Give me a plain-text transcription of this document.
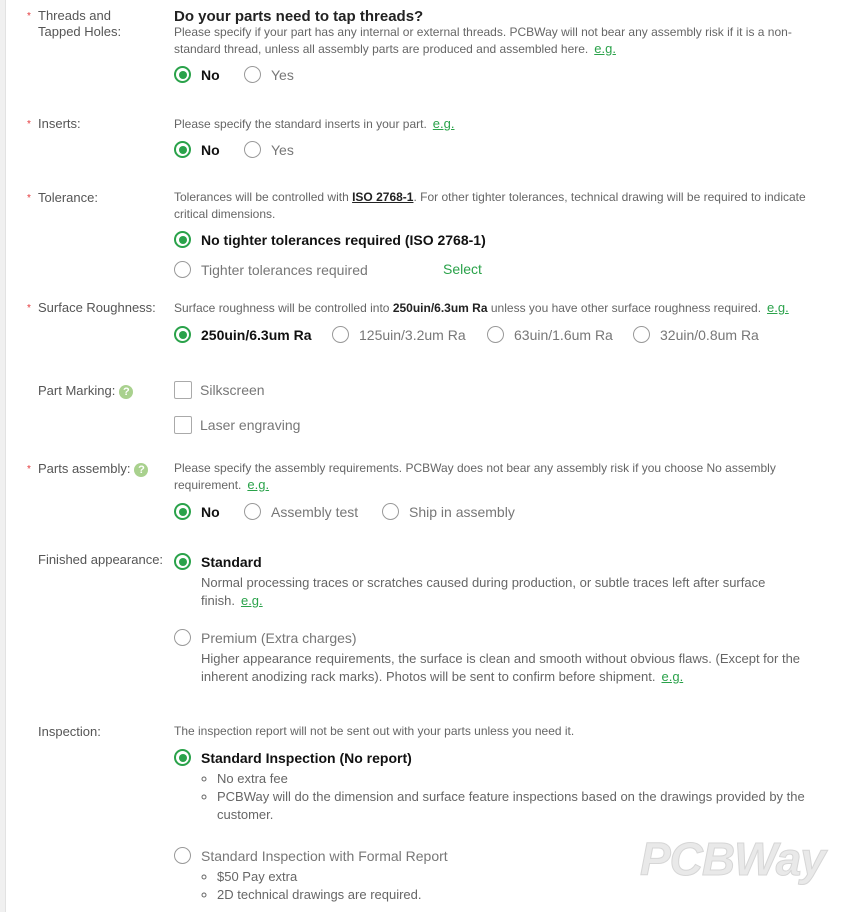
* Threads and Tapped Holes:
Do your parts need to tap threads?
Please specify if your part has any internal or external threads. PCBWay will not bear any assembly risk if it is a non-standard thread, unless all assembly parts are produced and assembled here. e.g.
No	Yes
* Inserts:	Please specify the standard inserts in your part. e.g.
No	Yes
* Tolerance:	Tolerances will be controlled with ISO 2768-1. For other tighter tolerances, technical drawing will be required to indicate critical dimensions.
No tighter tolerances required (ISO 2768-1)
Tighter tolerances required	Select
* Surface Roughness: Surface roughness will be controlled into 250uin/6.3um Ra unless you have other surface roughness required. e.g.
250uin/6.3um Ra	125uin/3.2um Ra	63uin/1.6um Ra	32uin/0.8um Ra
Part Marking: ?	Silkscreen
Laser engraving
* Parts assembly: ?	Please specify the assembly requirements. PCBWay does not bear any assembly risk if you choose No assembly requirement. e.g.
No	Assembly test	Ship in assembly
Finished appearance:	Standard
Normal processing traces or scratches caused during production, or subtle traces left after surface finish. e.g.
Premium (Extra charges)
Higher appearance requirements, the surface is clean and smooth without obvious flaws. (Except for the inherent anodizing rack marks). Photos will be sent to confirm before shipment. e.g.
Inspection:	The inspection report will not be sent out with your parts unless you need it.
Standard Inspection (No report)
◦ No extra fee
◦ PCBWay will do the dimension and surface feature inspections based on the drawings provided by the customer.
Standard Inspection with Formal Report
◦ $50 Pay extra
◦ 2D technical drawings are required.
PCBWay
